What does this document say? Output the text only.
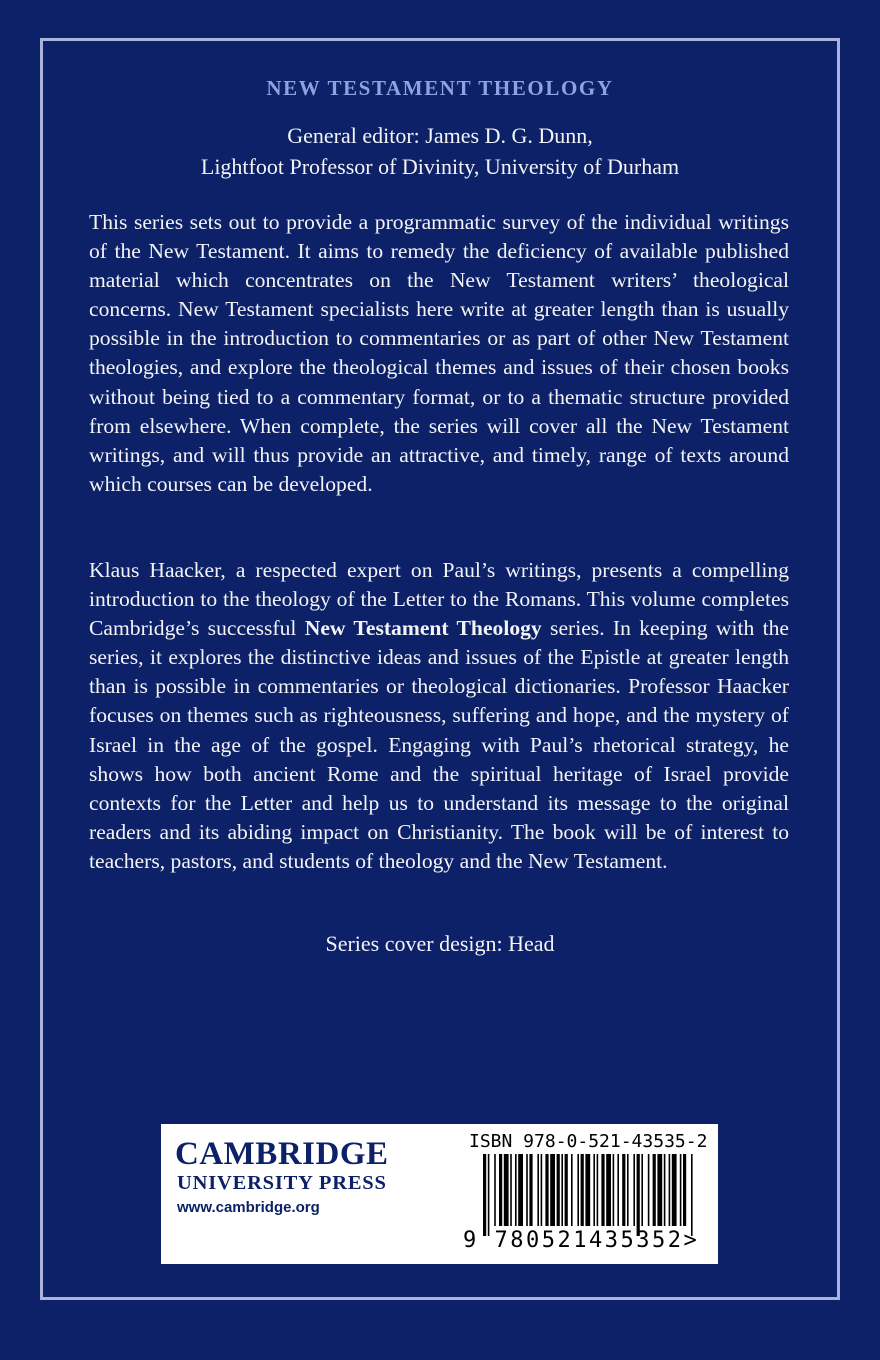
NEW TESTAMENT THEOLOGY
General editor: James D. G. Dunn,
Lightfoot Professor of Divinity, University of Durham
This series sets out to provide a programmatic survey of the individual writings of the New Testament. It aims to remedy the deficiency of available published material which concentrates on the New Testament writers’ theological concerns. New Testament specialists here write at greater length than is usually possible in the introduction to commentaries or as part of other New Testament theologies, and explore the theological themes and issues of their chosen books without being tied to a commentary format, or to a thematic structure provided from elsewhere. When complete, the series will cover all the New Testament writings, and will thus provide an attractive, and timely, range of texts around which courses can be developed.
Klaus Haacker, a respected expert on Paul’s writings, presents a compelling introduction to the theology of the Letter to the Romans. This volume completes Cambridge’s successful New Testament Theology series. In keeping with the series, it explores the distinctive ideas and issues of the Epistle at greater length than is possible in commentaries or theological dictionaries. Professor Haacker focuses on themes such as righteousness, suffering and hope, and the mystery of Israel in the age of the gospel. Engaging with Paul’s rhetorical strategy, he shows how both ancient Rome and the spiritual heritage of Israel provide contexts for the Letter and help us to understand its message to the original readers and its abiding impact on Christianity. The book will be of interest to teachers, pastors, and students of theology and the New Testament.
Series cover design: Head
CAMBRIDGE
UNIVERSITY PRESS
www.cambridge.org
ISBN 978-0-521-43535-2
9 780521435352>
